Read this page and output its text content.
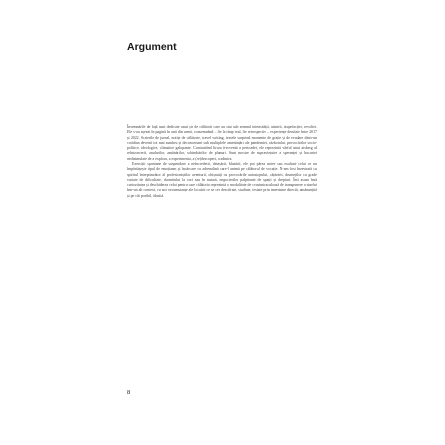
Argument

Însemnările de față sunt dedicate unui șir de călătorii care au stat sub semnul intensității, uimirii, stupefacției, revoltei. Ele s-au așezat în pagină în anii din urmă, consemnând – fie la timp real, fie retrospectiv – experiențe derulate între 2017 și 2022. Scrierile de jurnal, notițe de călătorie, travel writing, textele surprind momente de grație și de evadare dintr-un cotidian devenit tot mai sumbru și deconcertant sub multiplele amenințări ale pandemiei, războiului, provocărilor socio-politice, ideologice, climatice galopante. Contrariând lirura frecventă a perioadei, ele reprezintă vârful unui aisberg al reîntoarcerii, anularilor, amânărilor, schimbărilor de planuri. Sunt mostre de supraviețuire a speranței și bucuriei nedisimulate de a explora, a experimenta, a (re)descoperi, a admira.

Exerciții spontane de suspendare a neîncrederii, detașării, blazării, ele pot părea naive sau exaltate celui ce nu împărtășește tipul de emoțiasm și încărcare cu adrenalină care-l animă pe călătorul de vocație. N-am fost înzestrată cu spiritul întreprinzător al profesioniștilor aventurii, obișnuiți cu provocările autostopului, cățărării, drumeților cu grade variate de dificultate, dormitului la cort sau în natură, negocierilor palpitante de spații și drepturi. Îmi asum însă curiozitatea și deschiderea celui pentru care călătoria reprezintă o modalitate de cvasimiraculoasă de transpunere a sinelui într-un alt context, cu noi circumstanțe ale locuirii ce se cer descifrate, studiate, testate prin imersiune directă, amănunțită și pe cât posibil, tihnită.

8
